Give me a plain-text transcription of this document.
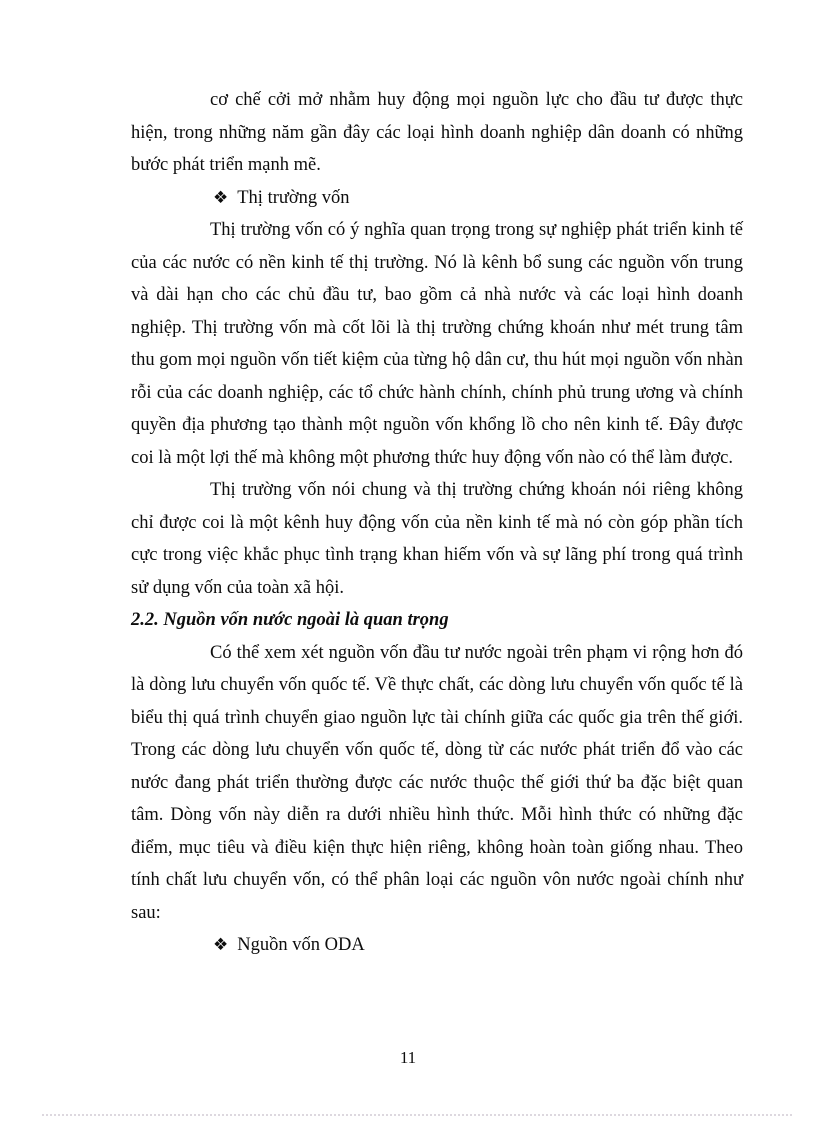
cơ chế cởi mở nhằm huy động mọi nguồn lực cho đầu tư được thực hiện, trong những năm gần đây các loại hình doanh nghiệp dân doanh có những bước phát triển mạnh mẽ.

❖ Thị trường vốn

Thị trường vốn có ý nghĩa quan trọng trong sự nghiệp phát triển kinh tế của các nước có nền kinh tế thị trường. Nó là kênh bổ sung các nguồn vốn trung và dài hạn cho các chủ đầu tư, bao gồm cả nhà nước và các loại hình doanh nghiệp. Thị trường vốn mà cốt lõi là thị trường chứng khoán như mét trung tâm thu gom mọi nguồn vốn tiết kiệm của từng hộ dân cư, thu hút mọi nguồn vốn nhàn rỗi của các doanh nghiệp, các tổ chức hành chính, chính phủ trung ương và chính quyền địa phương tạo thành một nguồn vốn khổng lồ cho nên kinh tế. Đây được coi là một lợi thế mà không một phương thức huy động vốn nào có thể làm được.

Thị trường vốn nói chung và thị trường chứng khoán nói riêng không chỉ được coi là một kênh huy động vốn của nền kinh tế mà nó còn góp phần tích cực trong việc khắc phục tình trạng khan hiếm vốn và sự lãng phí trong quá trình sử dụng vốn của toàn xã hội.

2.2. Nguồn vốn nước ngoài là quan trọng

Có thể xem xét nguồn vốn đầu tư nước ngoài trên phạm vi rộng hơn đó là dòng lưu chuyển vốn quốc tế. Về thực chất, các dòng lưu chuyển vốn quốc tế là biểu thị quá trình chuyển giao nguồn lực tài chính giữa các quốc gia trên thế giới. Trong các dòng lưu chuyển vốn quốc tế, dòng từ các nước phát triển đổ vào các nước đang phát triển thường được các nước thuộc thế giới thứ ba đặc biệt quan tâm. Dòng vốn này diễn ra dưới nhiều hình thức. Mỗi hình thức có những đặc điểm, mục tiêu và điều kiện thực hiện riêng, không hoàn toàn giống nhau. Theo tính chất lưu chuyển vốn, có thể phân loại các nguồn vôn nước ngoài chính như sau:

❖ Nguồn vốn ODA
11
